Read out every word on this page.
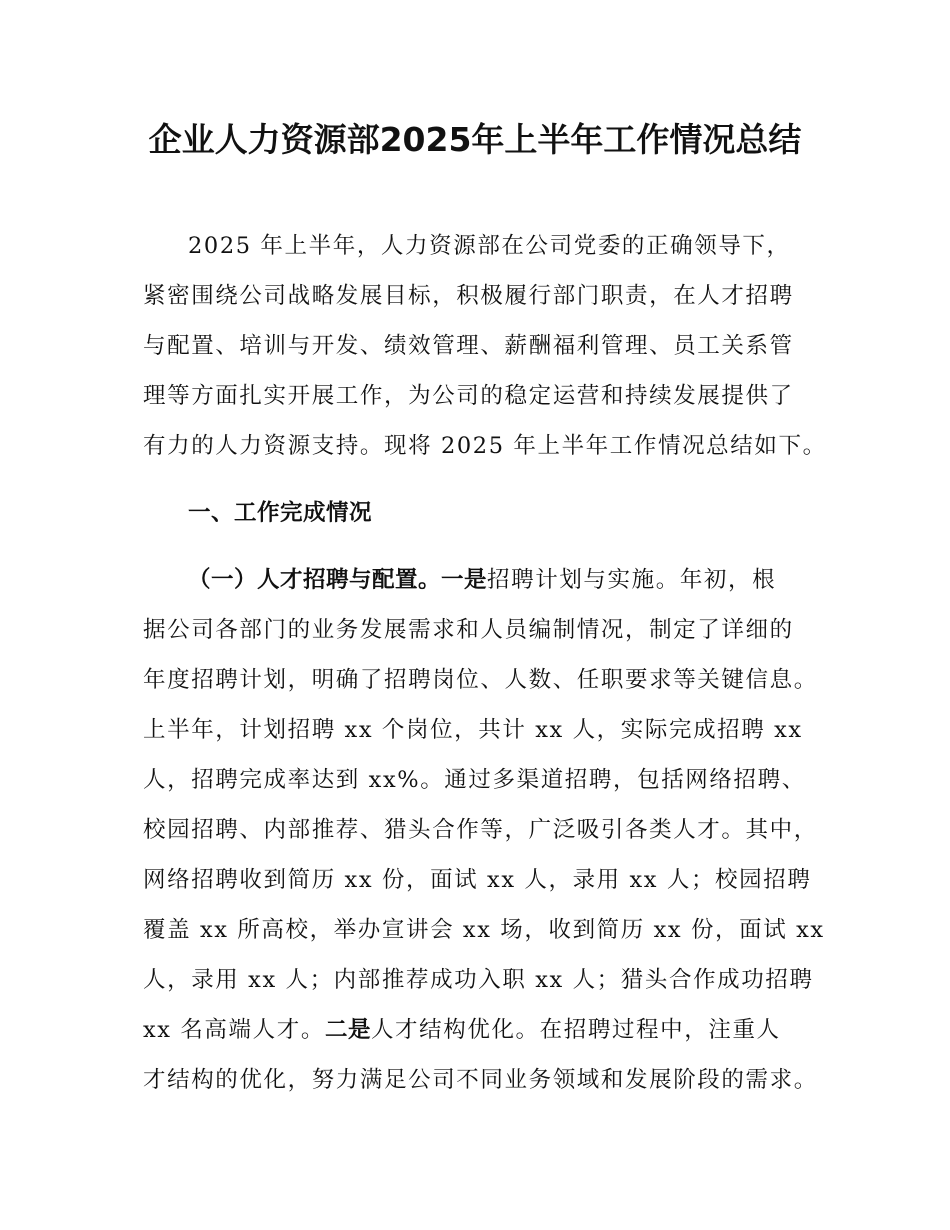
企业人力资源部2025年上半年工作情况总结
2025 年上半年，人力资源部在公司党委的正确领导下，
紧密围绕公司战略发展目标，积极履行部门职责，在人才招聘
与配置、培训与开发、绩效管理、薪酬福利管理、员工关系管
理等方面扎实开展工作，为公司的稳定运营和持续发展提供了
有力的人力资源支持。现将 2025 年上半年工作情况总结如下。
一、工作完成情况
（一）人才招聘与配置。一是招聘计划与实施。年初，根
据公司各部门的业务发展需求和人员编制情况，制定了详细的
年度招聘计划，明确了招聘岗位、人数、任职要求等关键信息。
上半年，计划招聘 xx 个岗位，共计 xx 人，实际完成招聘 xx
人，招聘完成率达到 xx%。通过多渠道招聘，包括网络招聘、
校园招聘、内部推荐、猎头合作等，广泛吸引各类人才。其中，
网络招聘收到简历 xx 份，面试 xx 人，录用 xx 人；校园招聘
覆盖 xx 所高校，举办宣讲会 xx 场，收到简历 xx 份，面试 xx
人，录用 xx 人；内部推荐成功入职 xx 人；猎头合作成功招聘
xx 名高端人才。二是人才结构优化。在招聘过程中，注重人
才结构的优化，努力满足公司不同业务领域和发展阶段的需求。
